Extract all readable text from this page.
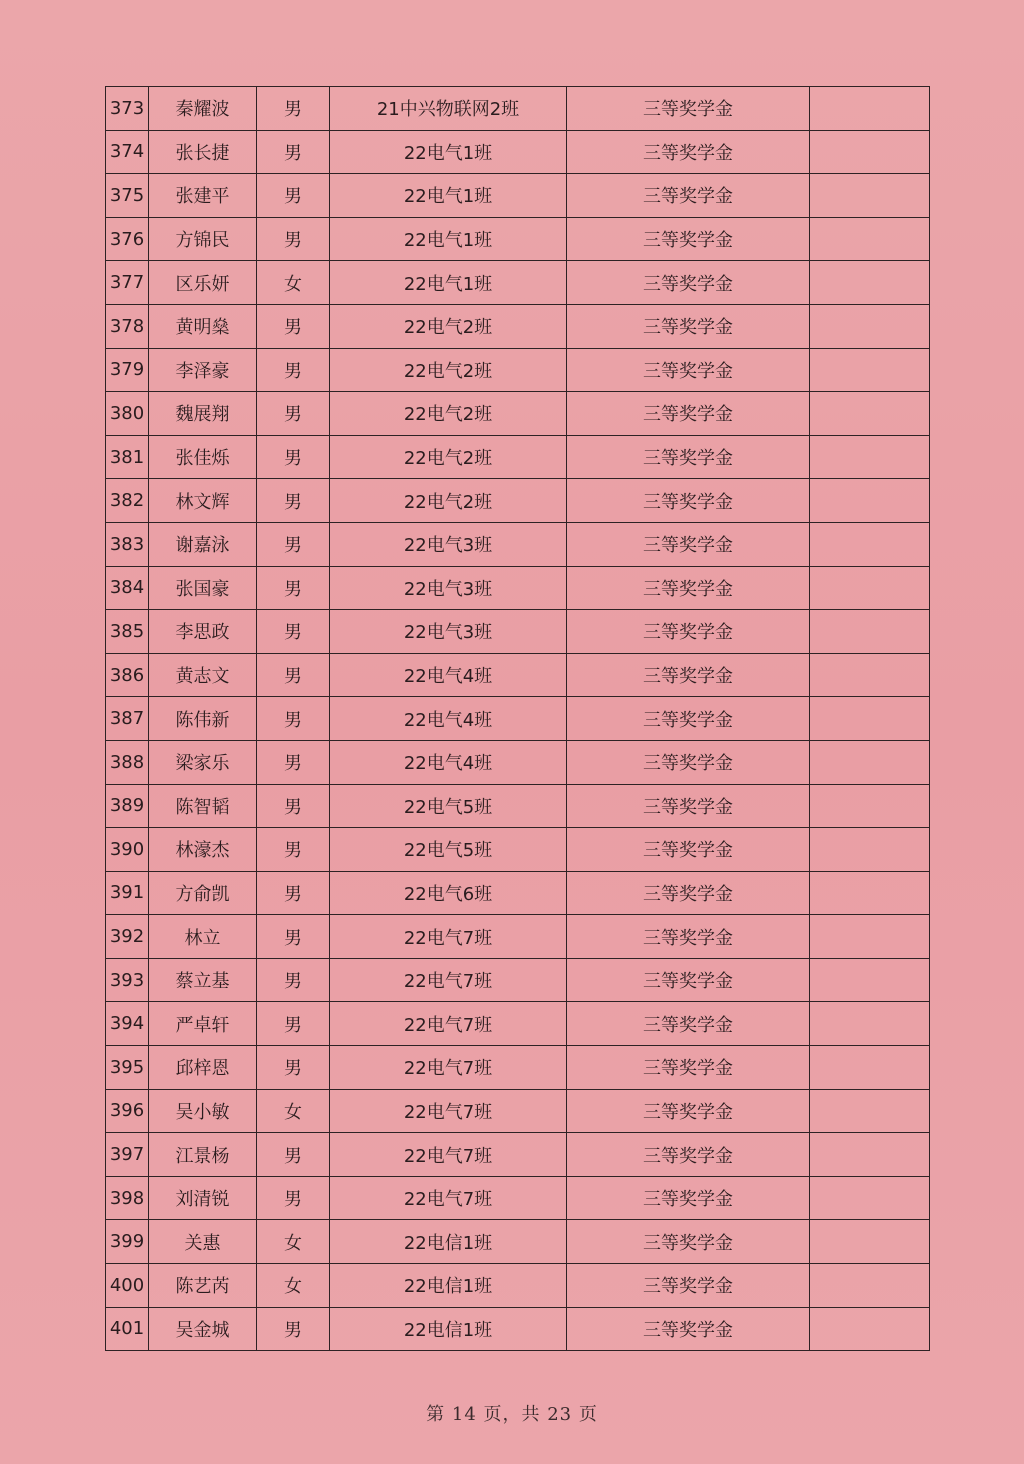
373	秦耀波	男	21中兴物联网2班	三等奖学金	
374	张长捷	男	22电气1班	三等奖学金	
375	张建平	男	22电气1班	三等奖学金	
376	方锦民	男	22电气1班	三等奖学金	
377	区乐妍	女	22电气1班	三等奖学金	
378	黄明燊	男	22电气2班	三等奖学金	
379	李泽豪	男	22电气2班	三等奖学金	
380	魏展翔	男	22电气2班	三等奖学金	
381	张佳烁	男	22电气2班	三等奖学金	
382	林文辉	男	22电气2班	三等奖学金	
383	谢嘉泳	男	22电气3班	三等奖学金	
384	张国豪	男	22电气3班	三等奖学金	
385	李思政	男	22电气3班	三等奖学金	
386	黄志文	男	22电气4班	三等奖学金	
387	陈伟新	男	22电气4班	三等奖学金	
388	梁家乐	男	22电气4班	三等奖学金	
389	陈智韬	男	22电气5班	三等奖学金	
390	林濠杰	男	22电气5班	三等奖学金	
391	方俞凯	男	22电气6班	三等奖学金	
392	林立	男	22电气7班	三等奖学金	
393	蔡立基	男	22电气7班	三等奖学金	
394	严卓轩	男	22电气7班	三等奖学金	
395	邱梓恩	男	22电气7班	三等奖学金	
396	吴小敏	女	22电气7班	三等奖学金	
397	江景杨	男	22电气7班	三等奖学金	
398	刘清锐	男	22电气7班	三等奖学金	
399	关惠	女	22电信1班	三等奖学金	
400	陈艺芮	女	22电信1班	三等奖学金	
401	吴金城	男	22电信1班	三等奖学金	
第 14 页，共 23 页
